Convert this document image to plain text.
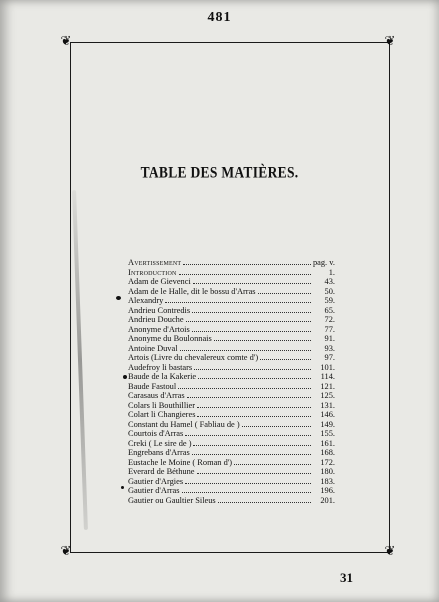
481
❦	❦
❦	❦
TABLE DES MATIÈRES.
Avertissement	pag. v.
Introduction	1.
Adam de Gievenci	43.
Adam de le Halle, dit le bossu d'Arras	50.
Alexandry	59.
Andrieu Contredis	65.
Andrieu Douche	72.
Anonyme d'Artois	77.
Anonyme du Boulonnais	91.
Antoine Duval	93.
Artois (Livre du chevalereux comte d')	97.
Audefroy li bastars	101.
Baude de la Kakerie	114.
Baude Fastoul	121.
Carasaus d'Arras	125.
Colars li Bouthillier	131.
Colart li Changieres	146.
Constant du Hamel ( Fabliau de )	149.
Courtois d'Arras	155.
Creki ( Le sire de )	161.
Engrebans d'Arras	168.
Eustache le Moine ( Roman d')	172.
Everard de Béthune	180.
Gautier d'Argies	183.
Gautier d'Arras	196.
Gautier ou Gaultier Sileus	201.
31
